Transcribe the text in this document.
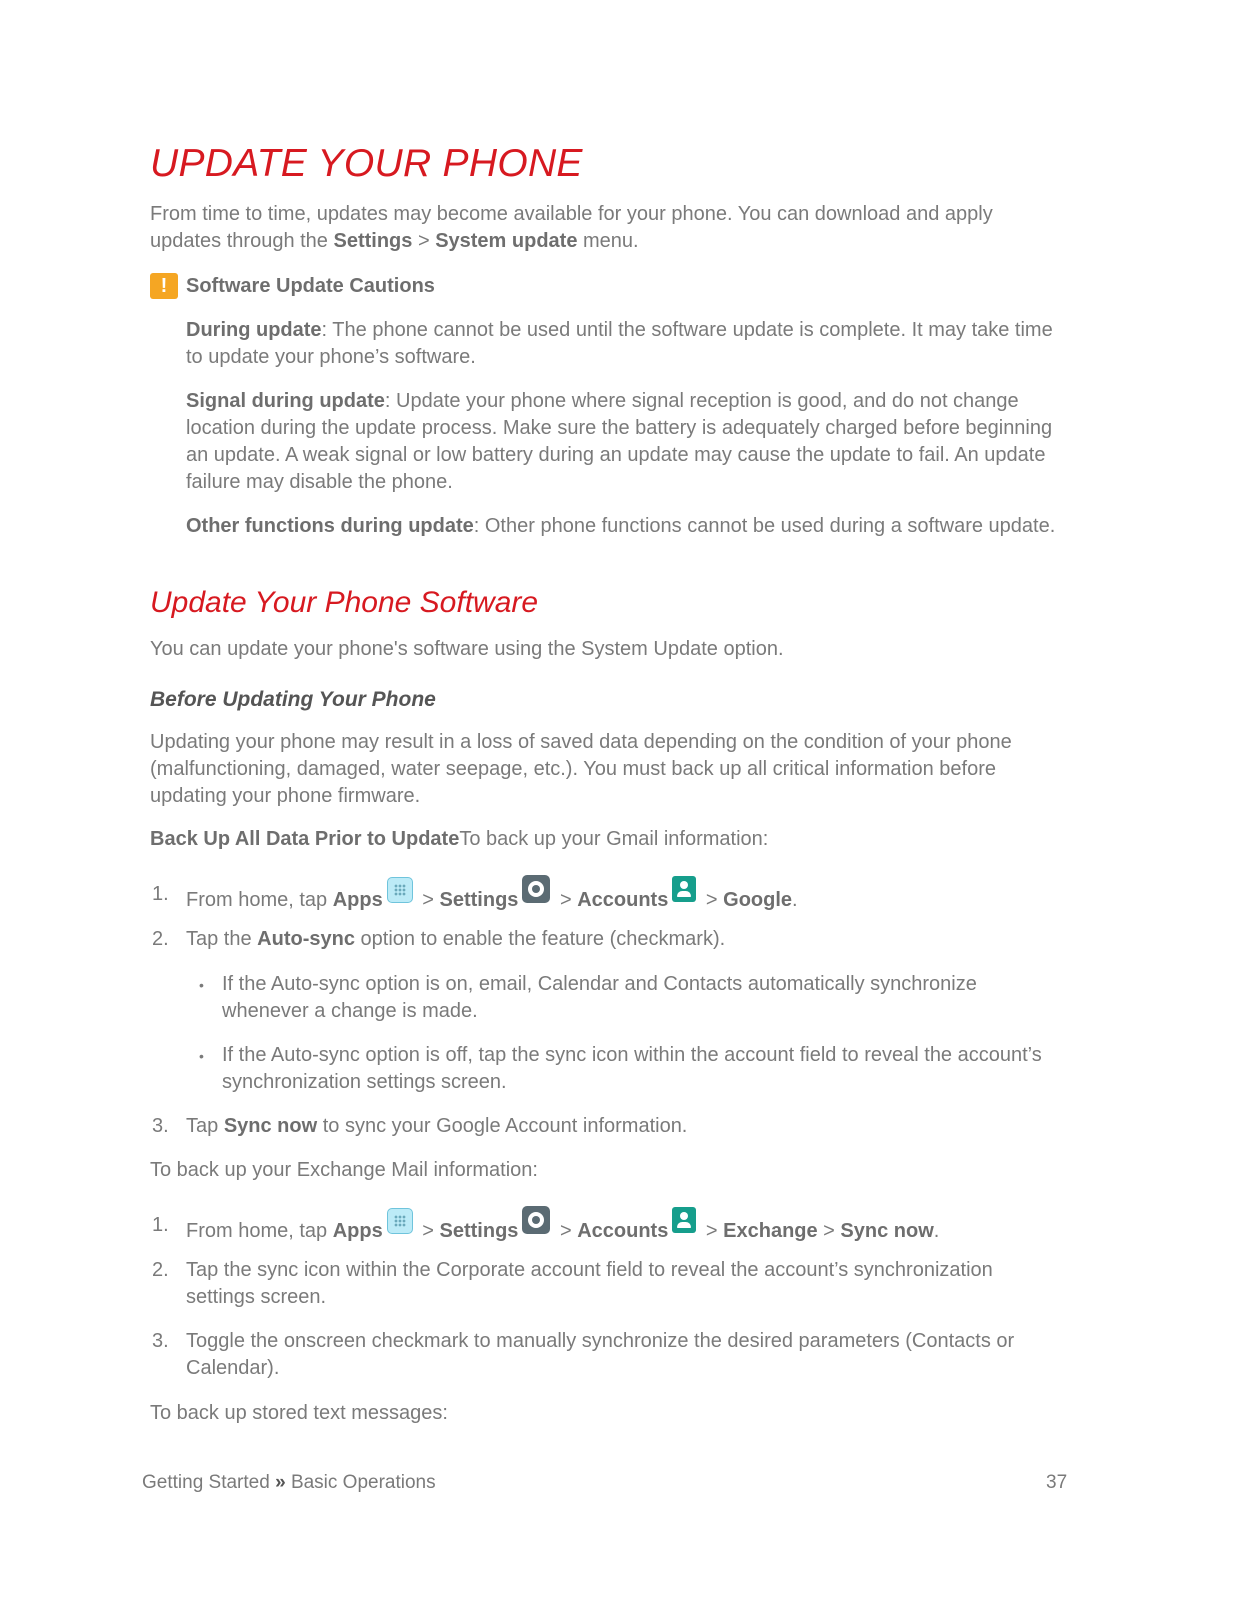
UPDATE YOUR PHONE

From time to time, updates may become available for your phone. You can download and apply updates through the Settings > System update menu.

! Software Update Cautions

During update: The phone cannot be used until the software update is complete. It may take time to update your phone’s software.

Signal during update: Update your phone where signal reception is good, and do not change location during the update process. Make sure the battery is adequately charged before beginning an update. A weak signal or low battery during an update may cause the update to fail. An update failure may disable the phone.

Other functions during update: Other phone functions cannot be used during a software update.

Update Your Phone Software

You can update your phone's software using the System Update option.

Before Updating Your Phone

Updating your phone may result in a loss of saved data depending on the condition of your phone (malfunctioning, damaged, water seepage, etc.). You must back up all critical information before updating your phone firmware.

Back Up All Data Prior to UpdateTo back up your Gmail information:

1. From home, tap Apps > Settings > Accounts > Google.

2. Tap the Auto-sync option to enable the feature (checkmark).

• If the Auto-sync option is on, email, Calendar and Contacts automatically synchronize whenever a change is made.

• If the Auto-sync option is off, tap the sync icon within the account field to reveal the account’s synchronization settings screen.

3. Tap Sync now to sync your Google Account information.

To back up your Exchange Mail information:

1. From home, tap Apps > Settings > Accounts > Exchange > Sync now.

2. Tap the sync icon within the Corporate account field to reveal the account’s synchronization settings screen.

3. Toggle the onscreen checkmark to manually synchronize the desired parameters (Contacts or Calendar).

To back up stored text messages:

Getting Started » Basic Operations	37
